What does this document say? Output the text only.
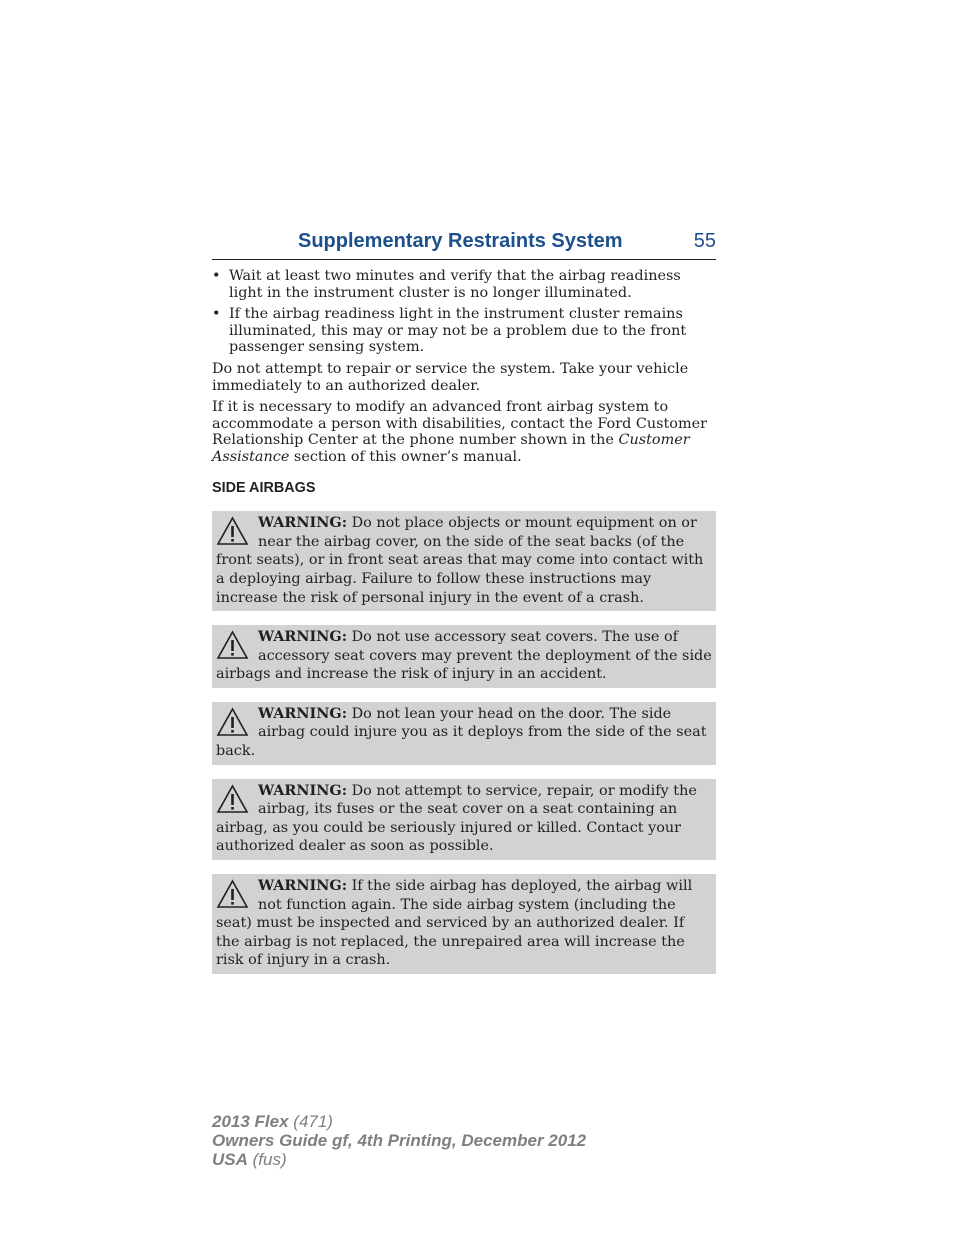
Supplementary Restraints System	55
• Wait at least two minutes and verify that the airbag readiness light in the instrument cluster is no longer illuminated.
• If the airbag readiness light in the instrument cluster remains illuminated, this may or may not be a problem due to the front passenger sensing system.

Do not attempt to repair or service the system. Take your vehicle immediately to an authorized dealer.

If it is necessary to modify an advanced front airbag system to accommodate a person with disabilities, contact the Ford Customer Relationship Center at the phone number shown in the Customer Assistance section of this owner’s manual.

SIDE AIRBAGS
WARNING: Do not place objects or mount equipment on or near the airbag cover, on the side of the seat backs (of the front seats), or in front seat areas that may come into contact with a deploying airbag. Failure to follow these instructions may increase the risk of personal injury in the event of a crash.
WARNING: Do not use accessory seat covers. The use of accessory seat covers may prevent the deployment of the side airbags and increase the risk of injury in an accident.
WARNING: Do not lean your head on the door. The side airbag could injure you as it deploys from the side of the seat back.
WARNING: Do not attempt to service, repair, or modify the airbag, its fuses or the seat cover on a seat containing an airbag, as you could be seriously injured or killed. Contact your authorized dealer as soon as possible.
WARNING: If the side airbag has deployed, the airbag will not function again. The side airbag system (including the seat) must be inspected and serviced by an authorized dealer. If the airbag is not replaced, the unrepaired area will increase the risk of injury in a crash.
2013 Flex (471)
Owners Guide gf, 4th Printing, December 2012
USA (fus)
